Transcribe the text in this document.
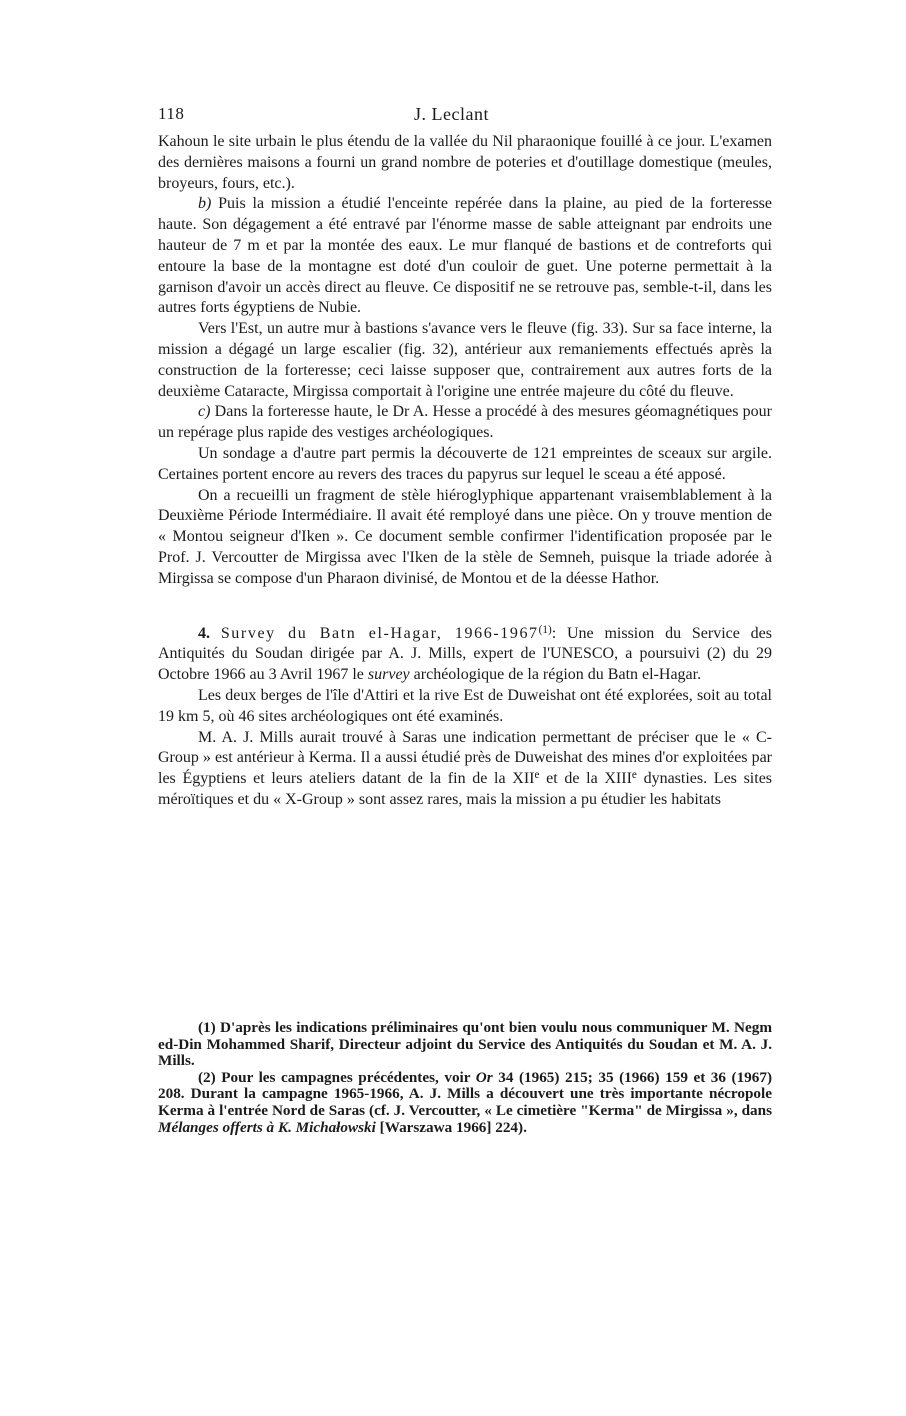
118	J. Leclant

Kahoun le site urbain le plus étendu de la vallée du Nil pharaonique fouillé à ce jour. L'examen des dernières maisons a fourni un grand nombre de poteries et d'outillage domestique (meules, broyeurs, fours, etc.).

b) Puis la mission a étudié l'enceinte repérée dans la plaine, au pied de la forteresse haute. Son dégagement a été entravé par l'énorme masse de sable atteignant par endroits une hauteur de 7 m et par la montée des eaux. Le mur flanqué de bastions et de contreforts qui entoure la base de la montagne est doté d'un couloir de guet. Une poterne permettait à la garnison d'avoir un accès direct au fleuve. Ce dispositif ne se retrouve pas, semble-t-il, dans les autres forts égyptiens de Nubie.

Vers l'Est, un autre mur à bastions s'avance vers le fleuve (fig. 33). Sur sa face interne, la mission a dégagé un large escalier (fig. 32), antérieur aux remaniements effectués après la construction de la forteresse; ceci laisse supposer que, contrairement aux autres forts de la deuxième Cataracte, Mirgissa comportait à l'origine une entrée majeure du côté du fleuve.

c) Dans la forteresse haute, le Dr A. Hesse a procédé à des mesures géomagnétiques pour un repérage plus rapide des vestiges archéologiques.

Un sondage a d'autre part permis la découverte de 121 empreintes de sceaux sur argile. Certaines portent encore au revers des traces du papyrus sur lequel le sceau a été apposé.

On a recueilli un fragment de stèle hiéroglyphique appartenant vraisemblablement à la Deuxième Période Intermédiaire. Il avait été remployé dans une pièce. On y trouve mention de « Montou seigneur d'Iken ». Ce document semble confirmer l'identification proposée par le Prof. J. Vercoutter de Mirgissa avec l'Iken de la stèle de Semneh, puisque la triade adorée à Mirgissa se compose d'un Pharaon divinisé, de Montou et de la déesse Hathor.

4. Survey du Batn el-Hagar, 1966-1967$^{(1)}$: Une mission du Service des Antiquités du Soudan dirigée par A. J. Mills, expert de l'UNESCO, a poursuivi (2) du 29 Octobre 1966 au 3 Avril 1967 le survey archéologique de la région du Batn el-Hagar.

Les deux berges de l'île d'Attiri et la rive Est de Duweishat ont été explorées, soit au total 19 km 5, où 46 sites archéologiques ont été examinés.

M. A. J. Mills aurait trouvé à Saras une indication permettant de préciser que le « C-Group » est antérieur à Kerma. Il a aussi étudié près de Duweishat des mines d'or exploitées par les Égyptiens et leurs ateliers datant de la fin de la XIIe et de la XIIIe dynasties. Les sites méroïtiques et du « X-Group » sont assez rares, mais la mission a pu étudier les habitats

(1) D'après les indications préliminaires qu'ont bien voulu nous communiquer M. Negm ed-Din Mohammed Sharif, Directeur adjoint du Service des Antiquités du Soudan et M. A. J. Mills.

(2) Pour les campagnes précédentes, voir Or 34 (1965) 215; 35 (1966) 159 et 36 (1967) 208. Durant la campagne 1965-1966, A. J. Mills a découvert une très importante nécropole Kerma à l'entrée Nord de Saras (cf. J. Vercoutter, « Le cimetière "Kerma" de Mirgissa », dans Mélanges offerts à K. Michałowski [Warszawa 1966] 224).
